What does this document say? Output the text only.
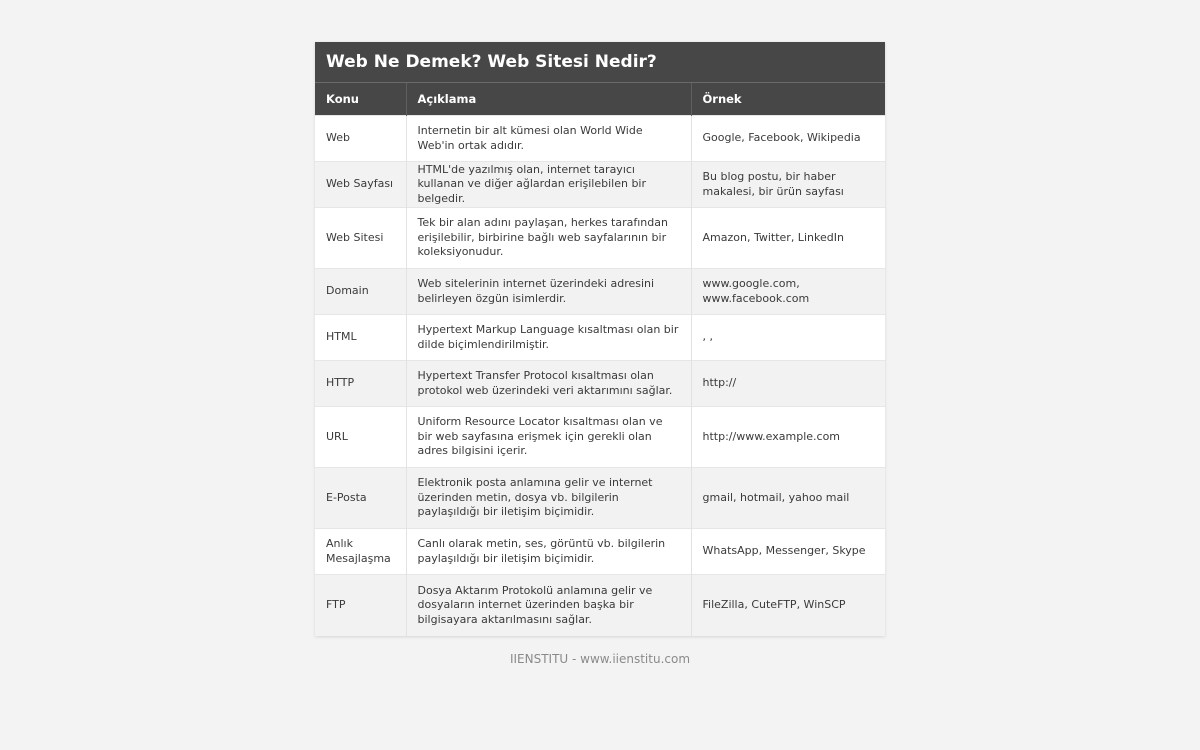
Web Ne Demek? Web Sitesi Nedir?
Konu	Açıklama	Örnek
Web	Internetin bir alt kümesi olan World Wide Web'in ortak adıdır.	Google, Facebook, Wikipedia
Web Sayfası	HTML'de yazılmış olan, internet tarayıcı kullanan ve diğer ağlardan erişilebilen bir belgedir.	Bu blog postu, bir haber makalesi, bir ürün sayfası
Web Sitesi	Tek bir alan adını paylaşan, herkes tarafından erişilebilir, birbirine bağlı web sayfalarının bir koleksiyonudur.	Amazon, Twitter, LinkedIn
Domain	Web sitelerinin internet üzerindeki adresini belirleyen özgün isimlerdir.	www.google.com, www.facebook.com
HTML	Hypertext Markup Language kısaltması olan bir dilde biçimlendirilmiştir.	, ,
HTTP	Hypertext Transfer Protocol kısaltması olan protokol web üzerindeki veri aktarımını sağlar.	http://
URL	Uniform Resource Locator kısaltması olan ve bir web sayfasına erişmek için gerekli olan adres bilgisini içerir.	http://www.example.com
E-Posta	Elektronik posta anlamına gelir ve internet üzerinden metin, dosya vb. bilgilerin paylaşıldığı bir iletişim biçimidir.	gmail, hotmail, yahoo mail
Anlık Mesajlaşma	Canlı olarak metin, ses, görüntü vb. bilgilerin paylaşıldığı bir iletişim biçimidir.	WhatsApp, Messenger, Skype
FTP	Dosya Aktarım Protokolü anlamına gelir ve dosyaların internet üzerinden başka bir bilgisayara aktarılmasını sağlar.	FileZilla, CuteFTP, WinSCP
IIENSTITU - www.iienstitu.com
